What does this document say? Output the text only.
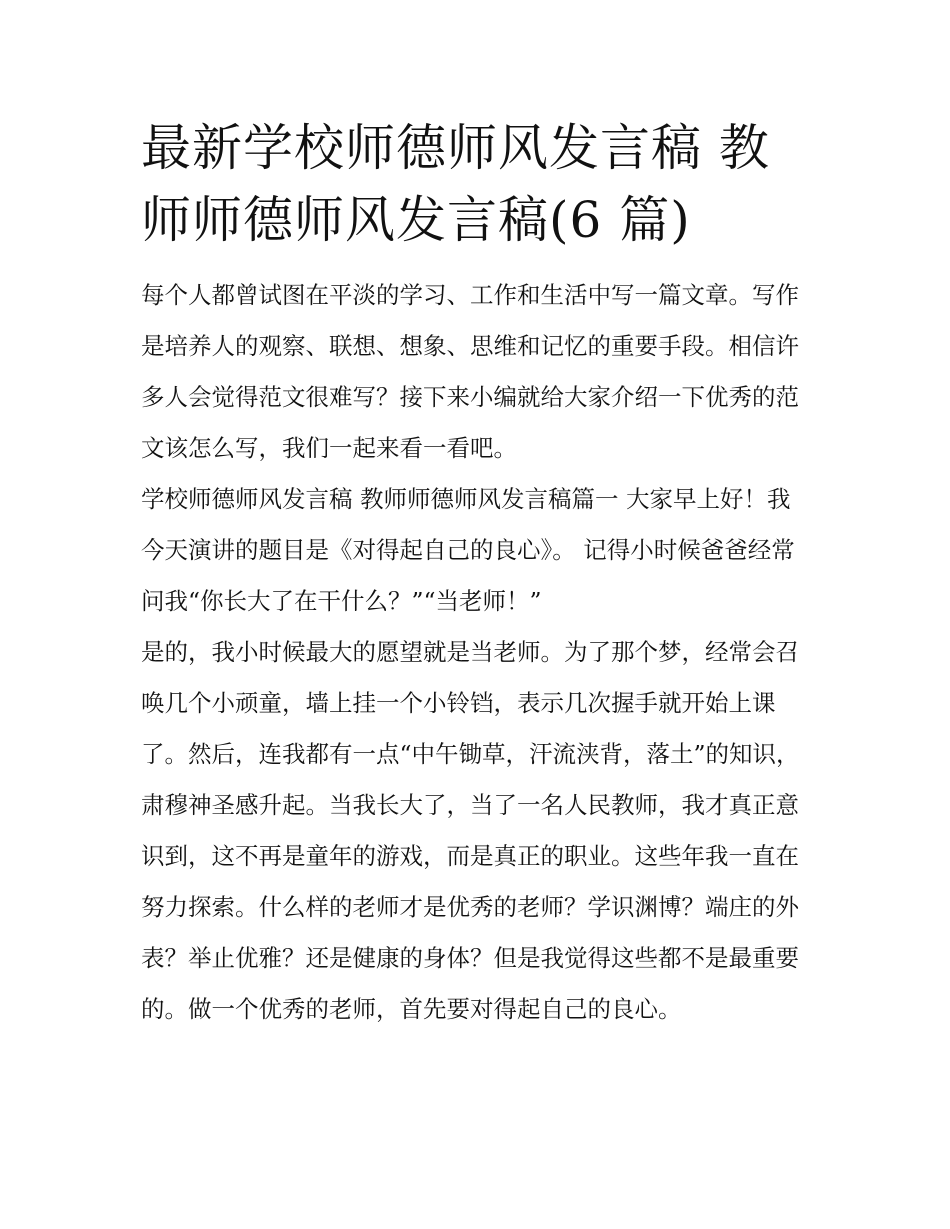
最新学校师德师风发言稿 教师师德师风发言稿(6 篇)

每个人都曾试图在平淡的学习、工作和生活中写一篇文章。写作是培养人的观察、联想、想象、思维和记忆的重要手段。相信许多人会觉得范文很难写？接下来小编就给大家介绍一下优秀的范文该怎么写，我们一起来看一看吧。

学校师德师风发言稿 教师师德师风发言稿篇一 大家早上好！我今天演讲的题目是《对得起自己的良心》。 记得小时候爸爸经常问我“你长大了在干什么？”“当老师！”

是的，我小时候最大的愿望就是当老师。为了那个梦，经常会召唤几个小顽童，墙上挂一个小铃铛，表示几次握手就开始上课了。然后，连我都有一点“中午锄草，汗流浃背，落土”的知识，肃穆神圣感升起。当我长大了，当了一名人民教师，我才真正意识到，这不再是童年的游戏，而是真正的职业。这些年我一直在努力探索。什么样的老师才是优秀的老师？学识渊博？端庄的外表？举止优雅？还是健康的身体？但是我觉得这些都不是最重要的。做一个优秀的老师，首先要对得起自己的良心。
